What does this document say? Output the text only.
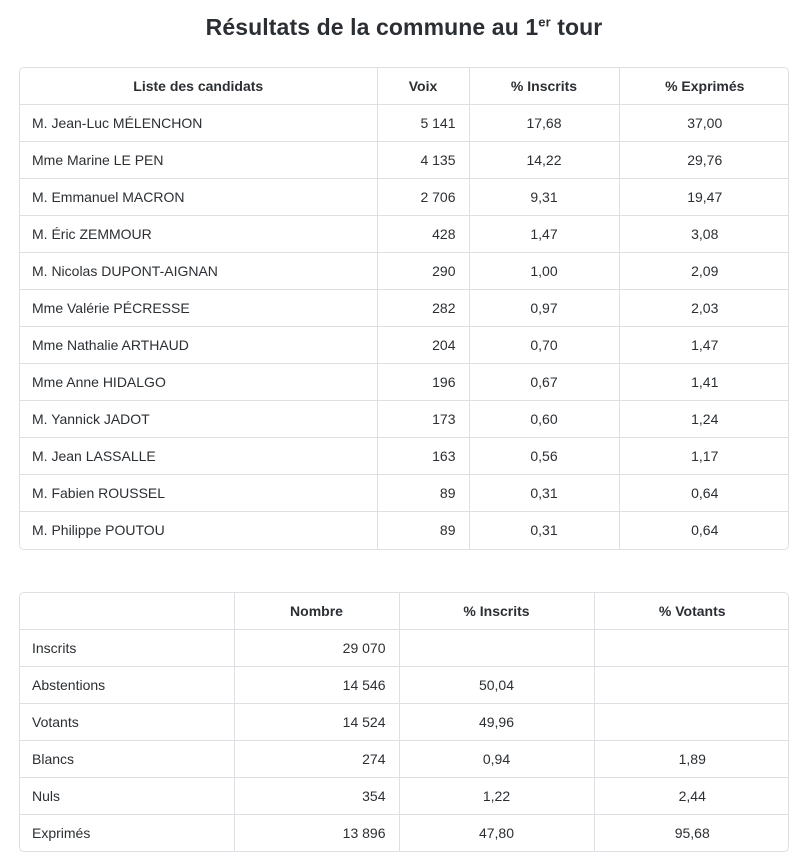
Résultats de la commune au 1er tour
Liste des candidats	Voix	% Inscrits	% Exprimés
M. Jean-Luc MÉLENCHON	5 141	17,68	37,00
Mme Marine LE PEN	4 135	14,22	29,76
M. Emmanuel MACRON	2 706	9,31	19,47
M. Éric ZEMMOUR	428	1,47	3,08
M. Nicolas DUPONT-AIGNAN	290	1,00	2,09
Mme Valérie PÉCRESSE	282	0,97	2,03
Mme Nathalie ARTHAUD	204	0,70	1,47
Mme Anne HIDALGO	196	0,67	1,41
M. Yannick JADOT	173	0,60	1,24
M. Jean LASSALLE	163	0,56	1,17
M. Fabien ROUSSEL	89	0,31	0,64
M. Philippe POUTOU	89	0,31	0,64
	Nombre	% Inscrits	% Votants
Inscrits	29 070		
Abstentions	14 546	50,04	
Votants	14 524	49,96	
Blancs	274	0,94	1,89
Nuls	354	1,22	2,44
Exprimés	13 896	47,80	95,68
